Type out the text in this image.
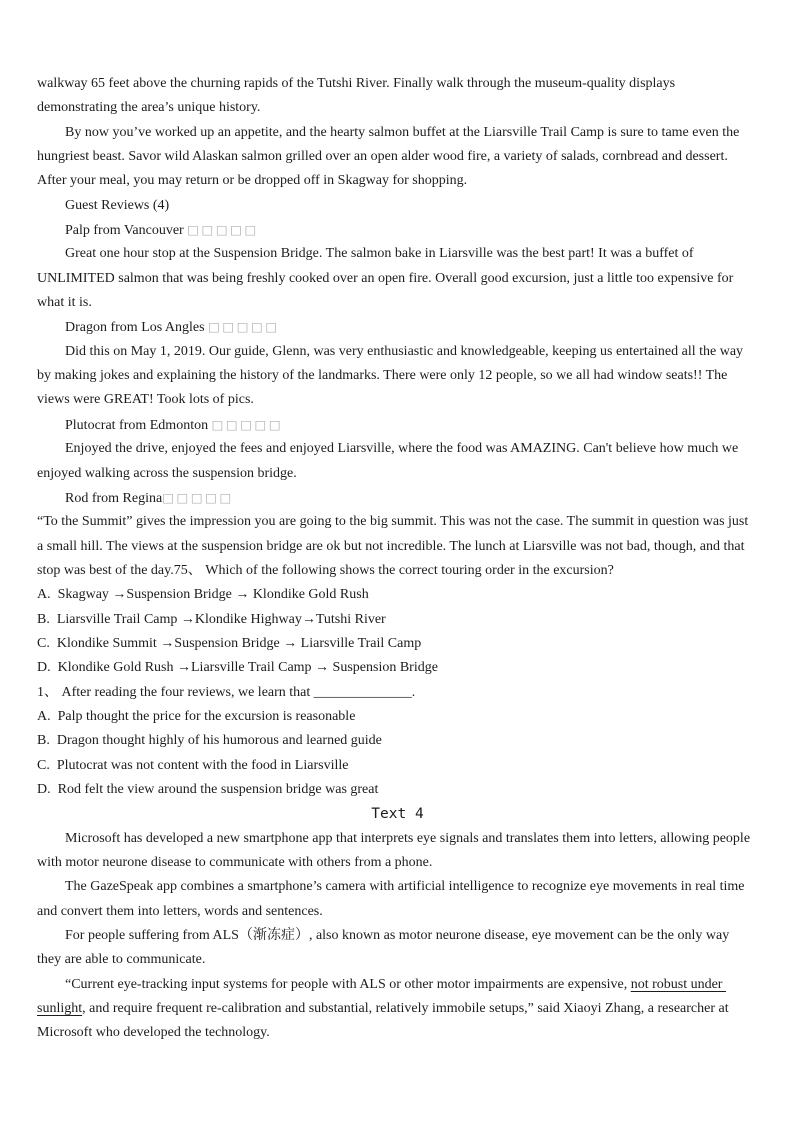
walkway 65 feet above the churning rapids of the Tutshi River. Finally walk through the museum-quality displays
demonstrating the area’s unique history.
By now you’ve worked up an appetite, and the hearty salmon buffet at the Liarsville Trail Camp is sure to tame even the
hungriest beast. Savor wild Alaskan salmon grilled over an open alder wood fire, a variety of salads, cornbread and dessert.
After your meal, you may return or be dropped off in Skagway for shopping.
Guest Reviews (4)
Palp from Vancouver □□□□□
Great one hour stop at the Suspension Bridge. The salmon bake in Liarsville was the best part! It was a buffet of
UNLIMITED salmon that was being freshly cooked over an open fire. Overall good excursion, just a little too expensive for
what it is.
Dragon from Los Angles □□□□□
Did this on May 1, 2019. Our guide, Glenn, was very enthusiastic and knowledgeable, keeping us entertained all the way
by making jokes and explaining the history of the landmarks. There were only 12 people, so we all had window seats!! The
views were GREAT! Took lots of pics.
Plutocrat from Edmonton □□□□□
Enjoyed the drive, enjoyed the fees and enjoyed Liarsville, where the food was AMAZING. Can't believe how much we
enjoyed walking across the suspension bridge.
Rod from Regina□□□□□
“To the Summit” gives the impression you are going to the big summit. This was not the case. The summit in question was just
a small hill. The views at the suspension bridge are ok but not incredible. The lunch at Liarsville was not bad, though, and that
stop was best of the day.75、 Which of the following shows the correct touring order in the excursion?
A.  Skagway →Suspension Bridge → Klondike Gold Rush
B.  Liarsville Trail Camp →Klondike Highway→Tutshi River
C.  Klondike Summit →Suspension Bridge → Liarsville Trail Camp
D.  Klondike Gold Rush →Liarsville Trail Camp → Suspension Bridge
1、 After reading the four reviews, we learn that ______________.
A.  Palp thought the price for the excursion is reasonable
B.  Dragon thought highly of his humorous and learned guide
C.  Plutocrat was not content with the food in Liarsville
D.  Rod felt the view around the suspension bridge was great
Text 4
Microsoft has developed a new smartphone app that interprets eye signals and translates them into letters, allowing people
with motor neurone disease to communicate with others from a phone.
The GazeSpeak app combines a smartphone’s camera with artificial intelligence to recognize eye movements in real time
and convert them into letters, words and sentences.
For people suffering from ALS（渐冻症）, also known as motor neurone disease, eye movement can be the only way
they are able to communicate.
“Current eye-tracking input systems for people with ALS or other motor impairments are expensive, not robust under
sunlight, and require frequent re-calibration and substantial, relatively immobile setups,” said Xiaoyi Zhang, a researcher at
Microsoft who developed the technology.
